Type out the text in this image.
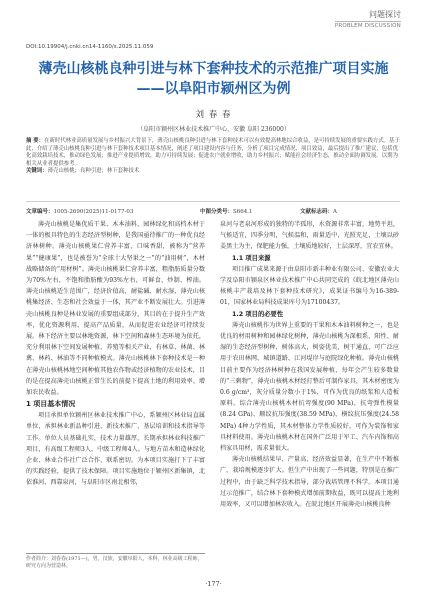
问题探讨
PROBLEM DISCUSSION
DOI:10.19904/j.cnki.cn14-1160/s.2025.11.059
薄壳山核桃良种引进与林下套种技术的示范推广项目实施
——以阜阳市颍州区为例
刘 春 春
（阜阳市颍州区林业技术推广中心，安徽 阜阳 236000）

摘 要：在新时代林业高质量发展与乡村振兴大背景下，薄壳山核桃良种引进与林下套种技术可以有效提高林地综合收益，是可持续发展的重要实践方式。基于此，介绍了薄壳山核桃良种引进与林下套种技术项目基本情况，阐述了项目建设内容与任务，分析了项目完成情况、项目效益，最后提出了推广建议，包括优化高效栽培技术，推动绿色发展；推进产业提质增效，助力可持续发展；促进农户就业增收，助力乡村振兴；赋能社会经济生态，推动全面协调发展。以期为相关从业者提供参考。

关键词：薄壳山核桃；良种引进；林下套种技术

文章编号：1005-2690(2025)11-0177-03	中图分类号：S664.1	文献标志码：A

薄壳山核桃是集优质干果、木本油料、园林绿化和高档木材于一体的极具特色的生态经济型树种，是我国亟待推广的一种优良经济林树种。薄壳山核桃果仁营养丰富，口味香甜，被称为“营养果”“健康果”，也是被誉为“全球十大坚果之一”的“油用树”，木材战略储备的“用材树”。薄壳山核桃果仁营养丰富，粗脂肪质量分数为70%左右，不饱和脂肪酸为93%左右，可鲜食、炒制、榨油。薄壳山核桃适生范围广，经济价值高，耐盐碱、耐水湿，薄壳山核桃集经济、生态和社会效益于一体，其产业不断发展壮大。引进薄壳山核桃良种是林业发展的重要组成部分，其目的在于提升生产效率，优化资源利用、提高产品质量，从而促进农业经济可持续发展。林下经济主要以林地资源，林下空间和森林生态环境为依托，充分利用林下空间发展种植、养殖等相关产业，有林草、林菌、林禽、林药、林油等不同种植模式。薄壳山核桃林下套种技术是一种在薄壳山核桃林地空间种植其他农作物或经济植物的农业技术，目的是在提高薄壳山核桃正常生长的前提下提高土地的利用效率、增加农民收益。

1 项目基本情况

项目承担单位颍州区林业技术推广中心，系颍州区林业局直属单位，承担林业新品种引进、新技术推广、基层培训和技术指导等工作。单位人员基础扎实，技术力量雄厚，长期承担林业科技推广项目，有高级工程师3人，中级工程师4人。与地方苗木和造林绿化企业、林业合作社广泛合作，联系密切。为本项目实施打下了丰富的实践经验，提供了技术保障。项目实施地位于颍州区新集镇，北依淮河、西靠泉河，与阜阳市区南北相邻，

泉河与老泉河形成的独特的半孤形，水资源非常丰富，地势平坦，气候适宜，四季分明，气候温和，雨量适中，光照充足，土壤以砂姜黑土为主，保肥能力强，土壤质地较好，土层深厚，宜农宜林。

1.1 项目来源

项目推广成果来源于由阜阳市新丰种业有限公司、安徽农业大学及阜阳市颍泉区林业技术推广中心共同完成的《皖北地区薄壳山核桃丰产栽培及林下套种技术研究》，成果证书编号为16-389-01，国家林业局科技成果库号为17100437。

1.2 项目的必要性

薄壳山核桃作为世界上重要的干果和木本油料树种之一，也是优良的材用树种和园林绿化树种，薄壳山核桃为深根系、阳性、耐湿的生态经济型树种，树体高大，树姿优美，树干通直，可广泛应用于农田林网、城镇道路、江河堤岸与庭院绿化种植。薄壳山核桃目前主要作为经济林树种在我国发展种植，每年会产生较多数量的“三剩物”，薄壳山核桃木材经打整后可制作家具，其木材密度为0.6 g/cm³，灰分质量分数小于1%，可作为优良的纸浆和人造板原料。综合薄壳山核桃木材抗弯强度(90 MPa)、抗弯弹性模量(8.24 GPa)、顺纹抗压强度(38.59 MPa)、横纹抗压强度(24.58 MPa) 4种力学性质，其木材整体力学性质较好，可作为装饰和家具材料使用。薄壳山核桃木材在国外广泛用于军工、汽车内饰和高档家具用材，需求量很大。

薄壳山核桃结果早、产量高、经济效益显著，在生产中不断推广，栽培规模逐步扩大。但生产中出现了一些问题，特别是在推广过程中，由于缺乏科学技术指导，部分栽培管理不科学。本项目通过示范推广，结合林下套种模式增加前期收益，既可以提高土地利用效率，又可以增加林农收入。在皖北地区开展薄壳山核桃良种

作者简介：刘春春(1971—)，男，汉族，安徽阜阳人，本科，林业高级工程师，研究方向为营造林。
·177·
